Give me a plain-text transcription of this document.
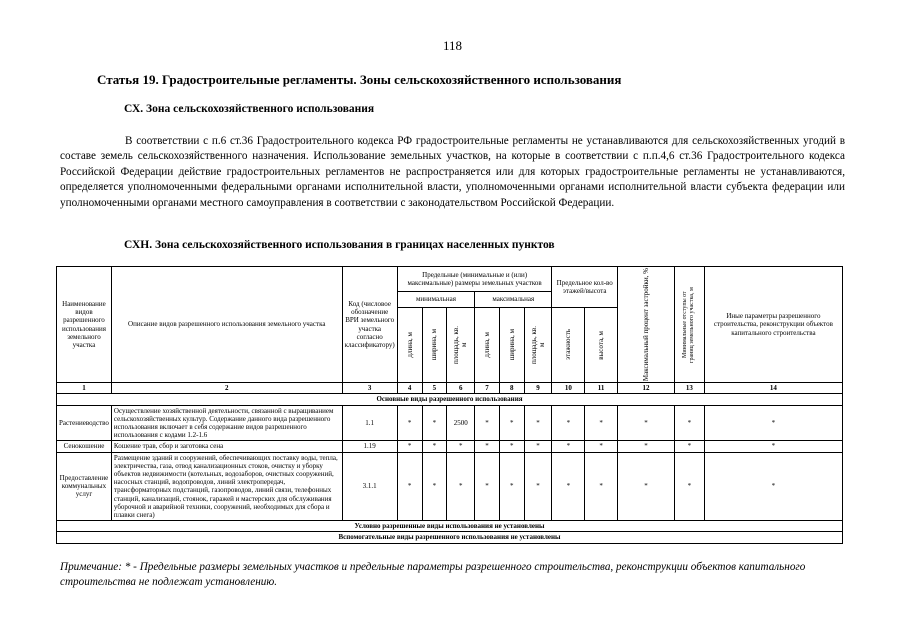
118
Статья 19. Градостроительные регламенты. Зоны сельскохозяйственного использования
СХ. Зона сельскохозяйственного использования
В соответствии с п.6 ст.36 Градостроительного кодекса РФ градостроительные регламенты не устанавливаются для сельскохозяйственных угодий в составе земель сельскохозяйственного назначения. Использование земельных участков, на которые в соответствии с п.п.4,6 ст.36 Градостроительного кодекса Российской Федерации действие градостроительных регламентов не распространяется или для которых градостроительные регламенты не устанавливаются, определяется уполномоченными федеральными органами исполнительной власти, уполномоченными органами исполнительной власти субъекта федерации или уполномоченными органами местного самоуправления в соответствии с законодательством Российской Федерации.
СХН. Зона сельскохозяйственного использования в границах населенных пунктов
Наименование видов разрешенного использования земельного участка	Описание видов разрешенного использования земельного участка	Код (числовое обозначение ВРИ земельного участка согласно классификатору)	Предельные (минимальные и (или) максимальные) размеры земельных участков						Предельное кол-во этажей/высота		Максимальный процент застройки, %	Минимальные отступы от границ земельного участка, м	Иные параметры разрешенного строительства, реконструкции объектов капитального строительства
			минимальная			максимальная							

			длина, м	ширина, м	площадь, кв. м	длина, м	ширина, м	площадь, кв. м	этажность	высота, м			

1	2	3	4	5	6	7	8	9	10	11	12	13	14
Основные виды разрешенного использования													
Растениеводство	Осуществление хозяйственной деятельности, связанной с выращиванием сельскохозяйственных культур. Содержание данного вида разрешенного использования включает в себя содержание видов разрешенного использования с кодами 1.2-1.6	1.1	*	*	2500	*	*	*	*	*	*	*	*
Сенокошение	Кошение трав, сбор и заготовка сена	1.19	*	*	*	*	*	*	*	*	*	*	*
Предоставление коммунальных услуг	Размещение зданий и сооружений, обеспечивающих поставку воды, тепла, электричества, газа, отвод канализационных стоков, очистку и уборку объектов недвижимости (котельных, водозаборов, очистных сооружений, насосных станций, водопроводов, линий электропередач, трансформаторных подстанций, газопроводов, линий связи, телефонных станций, канализаций, стоянок, гаражей и мастерских для обслуживания уборочной и аварийной техники, сооружений, необходимых для сбора и плавки снега)	3.1.1	*	*	*	*	*	*	*	*	*	*	*
Условно разрешенные виды использования не установлены													
Вспомогательные виды разрешенного использования не установлены													
Примечание: * - Предельные размеры земельных участков и предельные параметры разрешенного строительства, реконструкции объектов капитального строительства не подлежат установлению.
